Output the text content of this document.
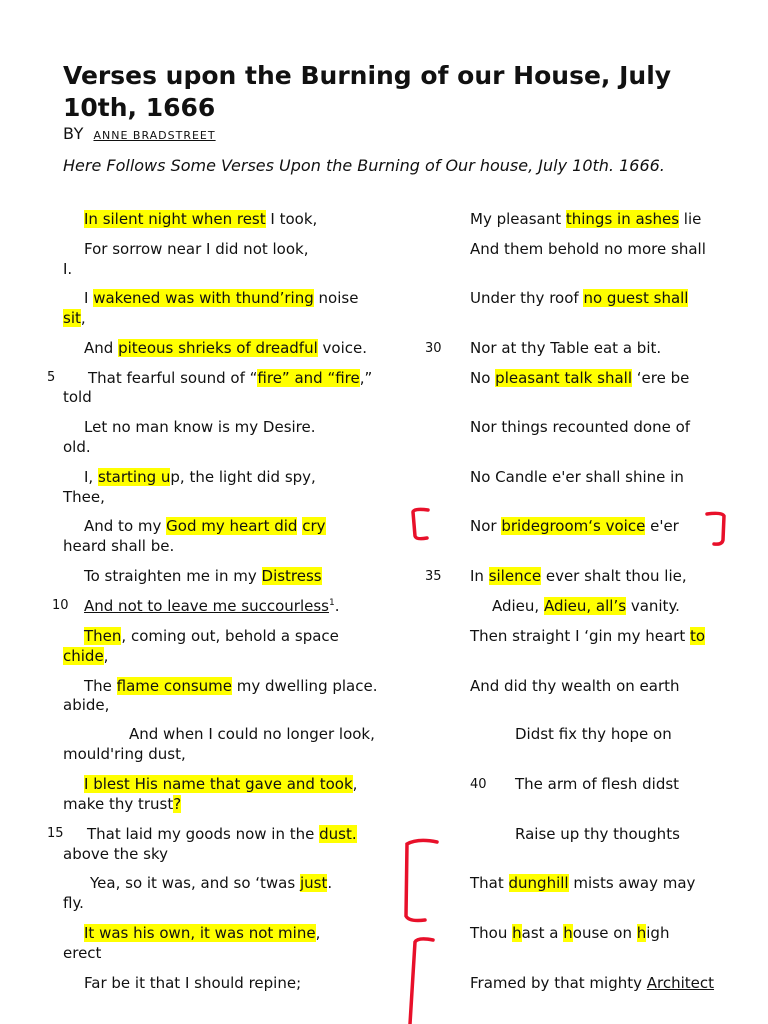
Verses upon the Burning of our House, July 10th, 1666
BY ANNE BRADSTREET
Here Follows Some Verses Upon the Burning of Our house, July 10th. 1666.
In silent night when rest I took,
For sorrow near I did not look,
I.
I wakened was with thund’ring noise
sit,
And piteous shrieks of dreadful voice.
5 That fearful sound of “fire” and “fire,”
told
Let no man know is my Desire.
old.
I, starting up, the light did spy,
Thee,
And to my God my heart did cry
heard shall be.
To straighten me in my Distress
10 And not to leave me succourless$^1$.
Then, coming out, behold a space
chide,
The flame consume my dwelling place.
abide,
And when I could no longer look,
mould'ring dust,
I blest His name that gave and took,
make thy trust?
15 That laid my goods now in the dust.
above the sky
Yea, so it was, and so ‘twas just.
fly.
It was his own, it was not mine,
erect
Far be it that I should repine;
My pleasant things in ashes lie
And them behold no more shall
Under thy roof no guest shall
30 Nor at thy Table eat a bit.
No pleasant talk shall ‘ere be
Nor things recounted done of
No Candle e'er shall shine in
Nor bridegroom‘s voice e'er
35 In silence ever shalt thou lie,
Adieu, Adieu, all’s vanity.
Then straight I ‘gin my heart to
And did thy wealth on earth
Didst fix thy hope on
40 The arm of flesh didst
Raise up thy thoughts
That dunghill mists away may
Thou hast a house on high
Framed by that mighty Architect
